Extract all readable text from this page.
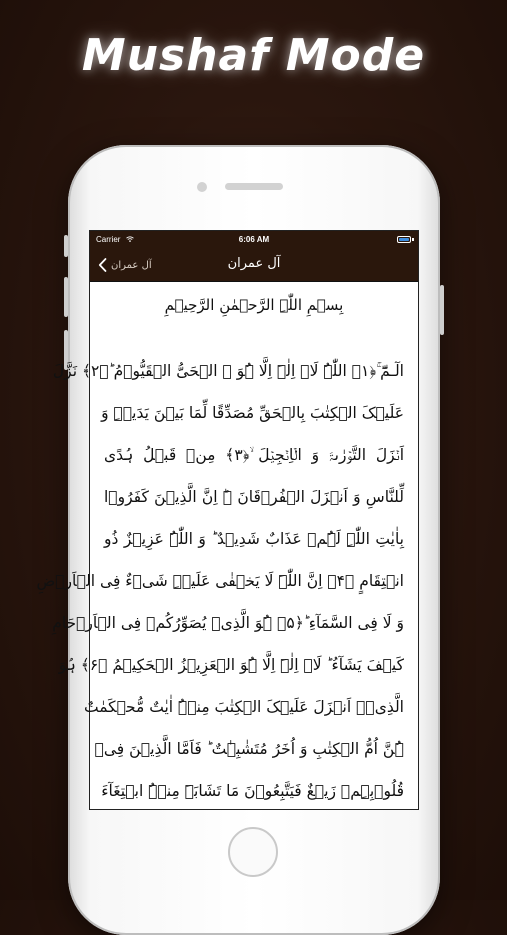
Mushaf Mode
Carrier	6:06 AM
آل عمران	آل عمران
بِسۡمِ اللّٰہِ الرَّحۡمٰنِ الرَّحِیۡمِ
الٓـمّٓ ۚ﴿۱﴾ اللّٰہُ لَاۤ اِلٰہَ اِلَّا ہُوَ ۙ الۡحَیُّ الۡقَیُّوۡمُ ؕ﴿۲﴾ نَزَّلَ
عَلَیۡکَ الۡکِتٰبَ بِالۡحَقِّ مُصَدِّقًا لِّمَا بَیۡنَ یَدَیۡہِ وَ
اَنۡزَلَ التَّوۡرٰىۃَ وَ الۡاِنۡجِیۡلَ ۙ﴿۳﴾ مِنۡ قَبۡلُ ہُدًی
لِّلنَّاسِ وَ اَنۡزَلَ الۡفُرۡقَانَ ۬ؕ اِنَّ الَّذِیۡنَ کَفَرُوۡا
بِاٰیٰتِ اللّٰہِ لَہُمۡ عَذَابٌ شَدِیۡدٌ ؕ وَ اللّٰہُ عَزِیۡزٌ ذُو
انۡتِقَامٍ ﴿۴﴾ اِنَّ اللّٰہَ لَا یَخۡفٰی عَلَیۡہِ شَیۡءٌ فِی الۡاَرۡضِ
وَ لَا فِی السَّمَآءِ ؕ﴿۵﴾ ہُوَ الَّذِیۡ یُصَوِّرُکُمۡ فِی الۡاَرۡحَامِ
کَیۡفَ یَشَآءُ ؕ لَاۤ اِلٰہَ اِلَّا ہُوَ الۡعَزِیۡزُ الۡحَکِیۡمُ ﴿۶﴾ ہُوَ
الَّذِیۡۤ اَنۡزَلَ عَلَیۡکَ الۡکِتٰبَ مِنۡہُ اٰیٰتٌ مُّحۡکَمٰتٌ
ہُنَّ اُمُّ الۡکِتٰبِ وَ اُخَرُ مُتَشٰبِہٰتٌ ؕ فَاَمَّا الَّذِیۡنَ فِیۡ
قُلُوۡبِہِمۡ زَیۡغٌ فَیَتَّبِعُوۡنَ مَا تَشَابَہَ مِنۡہُ ابۡتِغَآءَ
